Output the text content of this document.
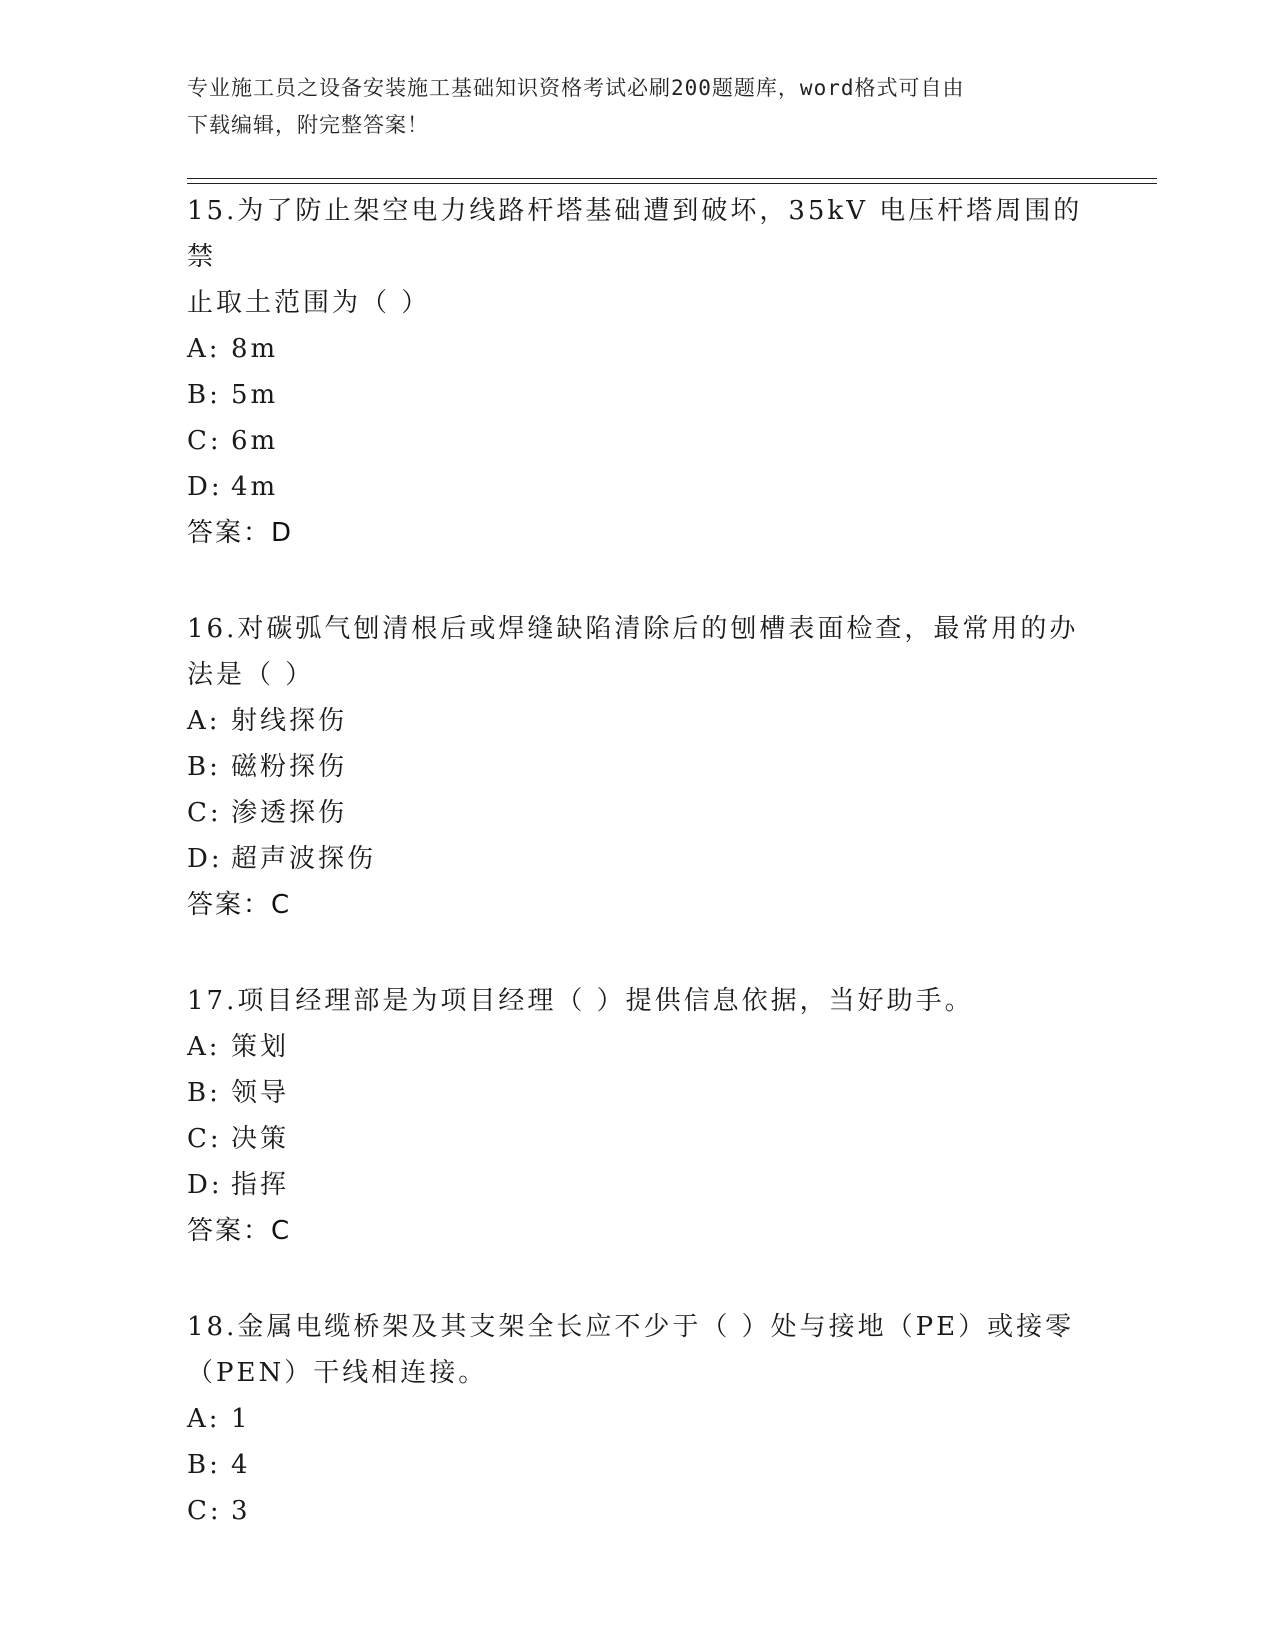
专业施工员之设备安装施工基础知识资格考试必刷200题题库，word格式可自由
下载编辑，附完整答案！

15.为了防止架空电力线路杆塔基础遭到破坏，35kV 电压杆塔周围的禁

止取土范围为（ ）

A: 8m

B: 5m

C: 6m

D: 4m

答案：D

16.对碳弧气刨清根后或焊缝缺陷清除后的刨槽表面检查，最常用的办

法是（ ）

A: 射线探伤

B: 磁粉探伤

C: 渗透探伤

D: 超声波探伤

答案：C

17.项目经理部是为项目经理（ ）提供信息依据，当好助手。

A: 策划

B: 领导

C: 决策

D: 指挥

答案：C

18.金属电缆桥架及其支架全长应不少于（ ）处与接地（PE）或接零

（PEN）干线相连接。

A: 1

B: 4

C: 3
